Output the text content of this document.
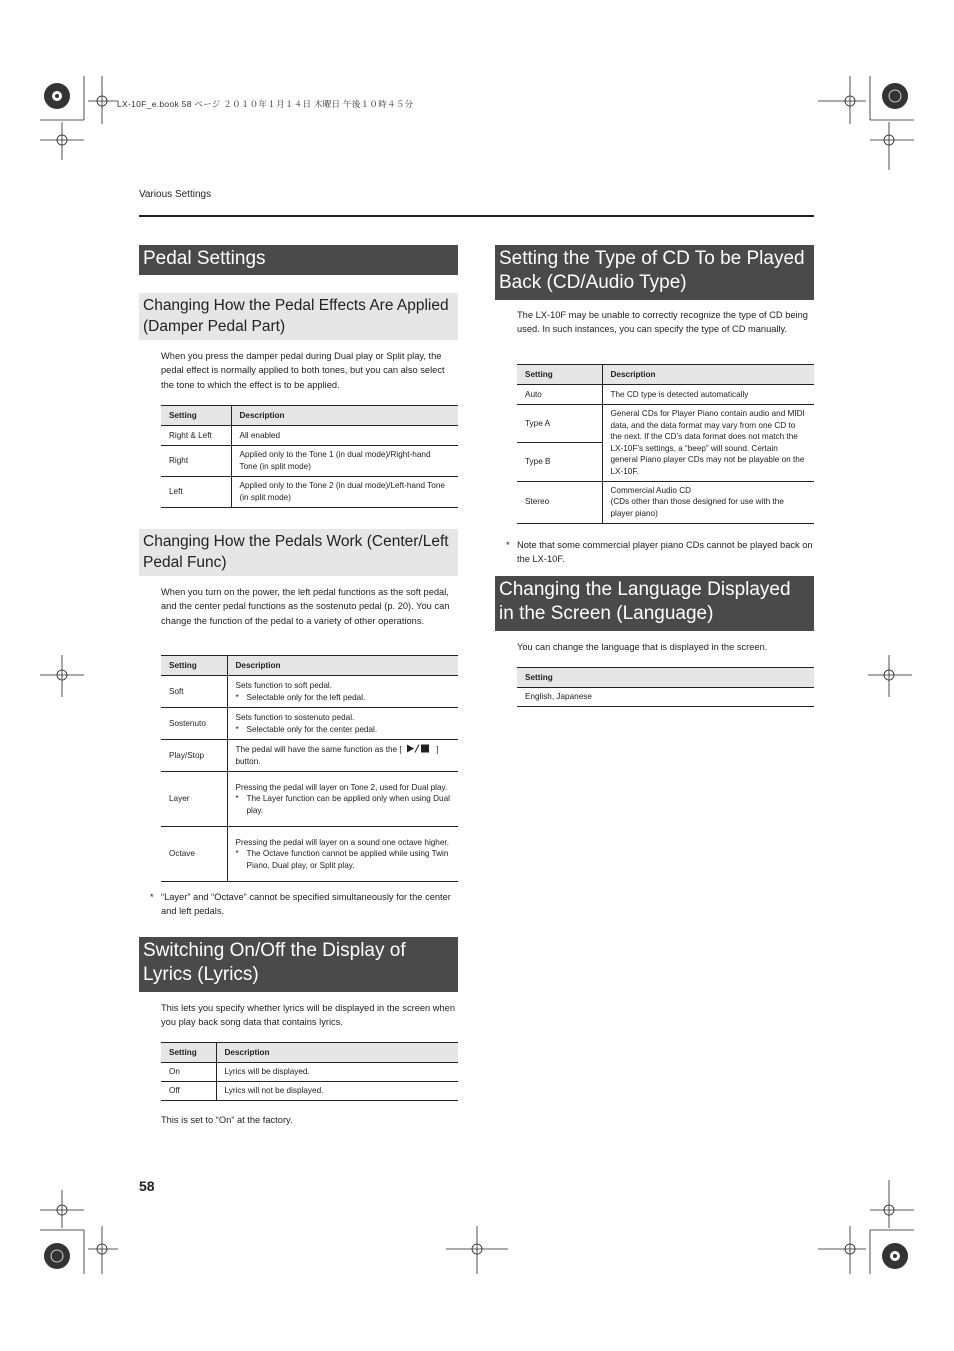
LX-10F_e.book 58 ページ ２０１０年１月１４日 木曜日 午後１０時４５分
Various Settings
Pedal Settings
Changing How the Pedal Effects Are Applied (Damper Pedal Part)
When you press the damper pedal during Dual play or Split play, the pedal effect is normally applied to both tones, but you can also select the tone to which the effect is to be applied.
Setting	Description
Right & Left	All enabled
Right	Applied only to the Tone 1 (in dual mode)/Right-hand Tone (in split mode)
Left	Applied only to the Tone 2 (in dual mode)/Left-hand Tone (in split mode)
Changing How the Pedals Work (Center/Left Pedal Func)
When you turn on the power, the left pedal functions as the soft pedal, and the center pedal functions as the sostenuto pedal (p. 20). You can change the function of the pedal to a variety of other operations.
Setting	Description
Soft	Sets function to soft pedal.
* Selectable only for the left pedal.

Sostenuto	Sets function to sostenuto pedal.
* Selectable only for the center pedal.

Play/Stop	The pedal will have the same function as the [ ] button.
Layer	Pressing the pedal will layer on Tone 2, used for Dual play.
* The Layer function can be applied only when using Dual play.

Octave	Pressing the pedal will layer on a sound one octave higher.
* The Octave function cannot be applied while using Twin Piano, Dual play, or Split play.
* “Layer” and “Octave” cannot be specified simultaneously for the center and left pedals.
Switching On/Off the Display of Lyrics (Lyrics)
This lets you specify whether lyrics will be displayed in the screen when you play back song data that contains lyrics.
Setting	Description
On	Lyrics will be displayed.
Off	Lyrics will not be displayed.
This is set to “On” at the factory.
58
Setting the Type of CD To be Played Back (CD/Audio Type)
The LX-10F may be unable to correctly recognize the type of CD being used. In such instances, you can specify the type of CD manually.
Setting	Description
Auto	The CD type is detected automatically
Type A	General CDs for Player Piano contain audio and MIDI data, and the data format may vary from one CD to the next. If the CD’s data format does not match the LX-10F’s settings, a “beep” will sound. Certain general Piano player CDs may not be playable on the LX-10F.
Type B	
Stereo	Commercial Audio CD
(CDs other than those designed for use with the player piano)
* Note that some commercial player piano CDs cannot be played back on the LX-10F.
Changing the Language Displayed in the Screen (Language)
You can change the language that is displayed in the screen.
Setting
English, Japanese
